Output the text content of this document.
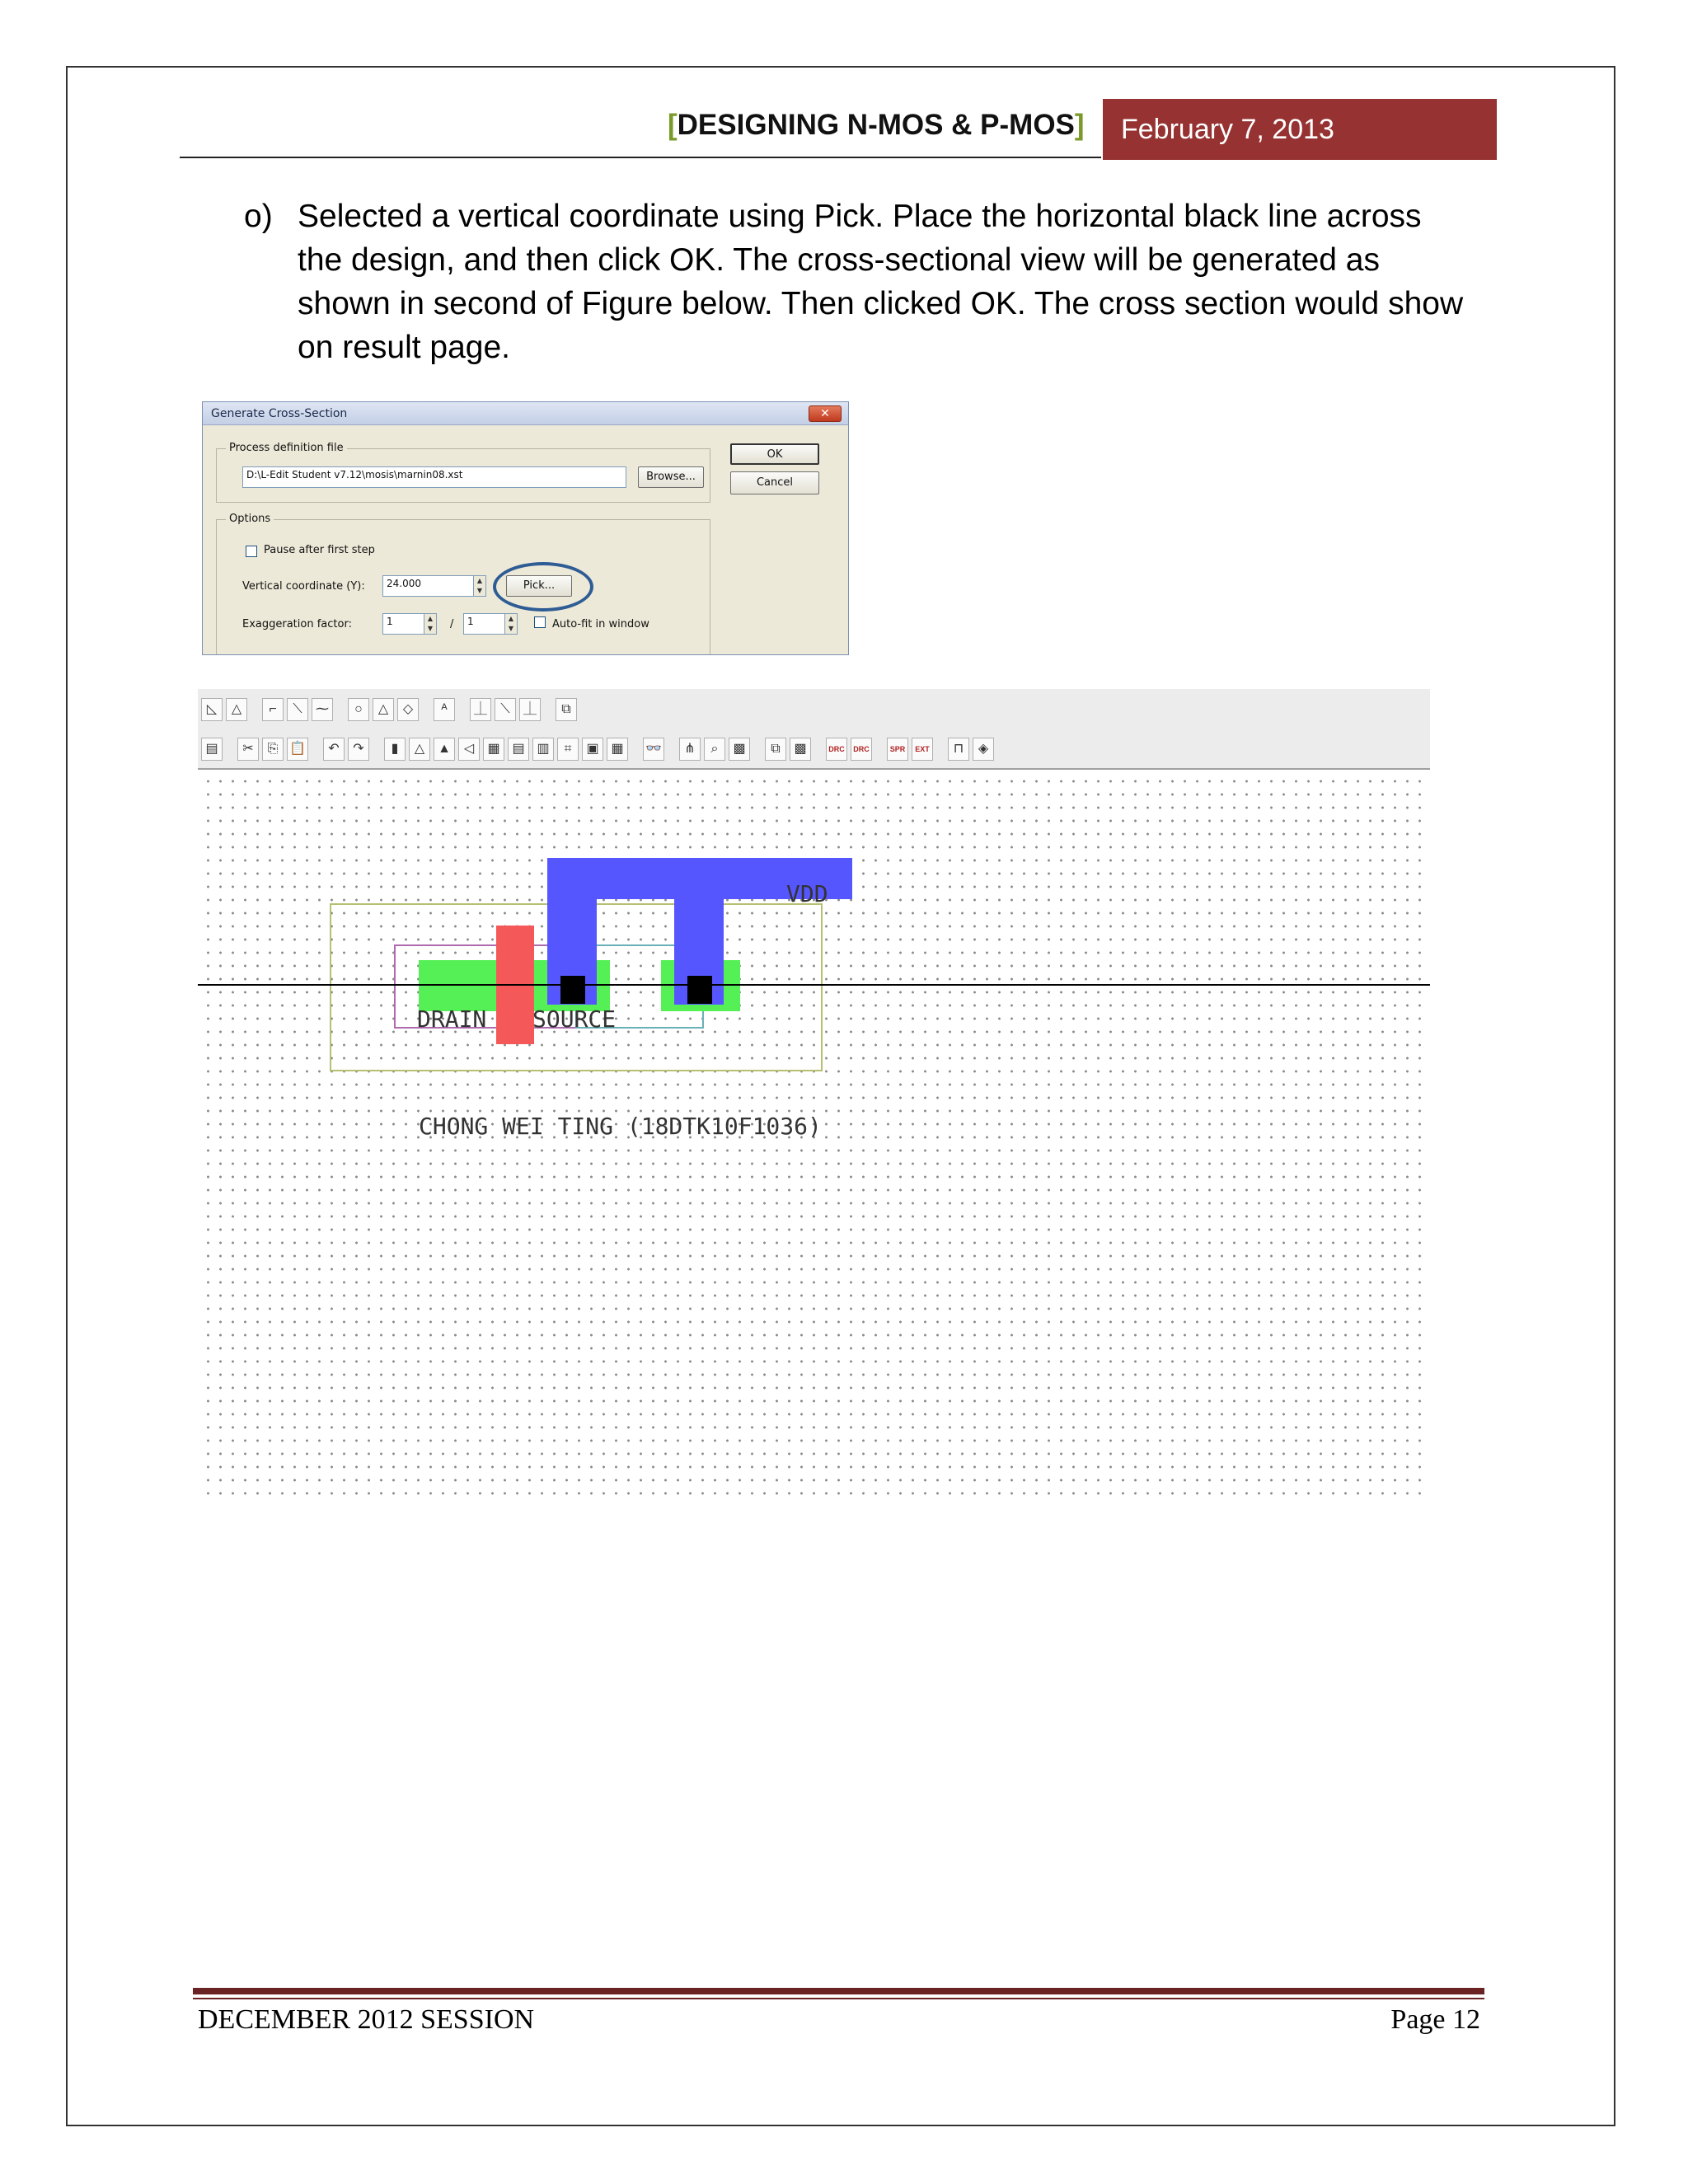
[DESIGNING N-MOS & P-MOS]	February 7, 2013
o) Selected a vertical coordinate using Pick. Place the horizontal black line across the design, and then click OK. The cross-sectional view will be generated as shown in second of Figure below. Then clicked OK. The cross section would show on result page.
Generate Cross-Section	✕
Process definition file
D:\L-Edit Student v7.12\mosis\marnin08.xst	Browse...
OK
Cancel
Options
Pause after first step
Vertical coordinate (Y):	24.000	▲
▼	Pick...
Exaggeration factor:	1	▲
▼	/	1	▲
▼	Auto-fit in window
◺	△	⌐	⟍	⁓	○	△	◇	ᴬ	⏊	⟍	⏊	⧉
▤	✂	⎘ 📋	↶	↷	▮	△ ▲ ◁	▦ ▤ ▥	⌗	▣ ▦	👓	⋔	⌕	▩	⧉	▩	DRC	DRC	SPR	EXT	⊓	◈
VDD
DRAIN SOURCE
CHONG WEI TING (18DTK10F1036)
DECEMBER 2012 SESSION	Page 12
